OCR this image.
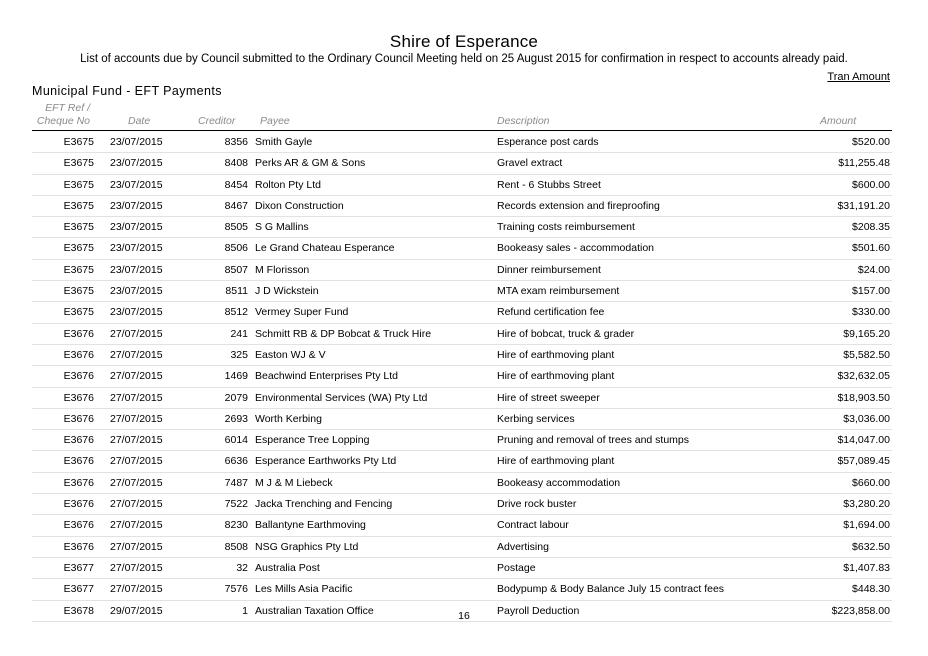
Shire of Esperance
List of accounts due by Council submitted to the Ordinary Council Meeting held on 25 August 2015 for confirmation in respect to accounts already paid.
Tran Amount
Municipal Fund - EFT Payments
EFT Ref /
Cheque No	Date	Creditor Payee	Description	Amount
E3675 23/07/2015	8356 Smith Gayle	Esperance post cards	$520.00
E3675 23/07/2015	8408 Perks AR & GM & Sons	Gravel extract	$11,255.48
E3675 23/07/2015	8454 Rolton Pty Ltd	Rent - 6 Stubbs Street	$600.00
E3675 23/07/2015	8467 Dixon Construction	Records extension and fireproofing	$31,191.20
E3675 23/07/2015	8505 S G Mallins	Training costs reimbursement	$208.35
E3675 23/07/2015	8506 Le Grand Chateau Esperance	Bookeasy sales - accommodation	$501.60
E3675 23/07/2015	8507 M Florisson	Dinner reimbursement	$24.00
E3675 23/07/2015	8511 J D Wickstein	MTA exam reimbursement	$157.00
E3675 23/07/2015	8512 Vermey Super Fund	Refund certification fee	$330.00
E3676 27/07/2015	241 Schmitt RB & DP Bobcat & Truck Hire	Hire of bobcat, truck & grader	$9,165.20
E3676 27/07/2015	325 Easton WJ & V	Hire of earthmoving plant	$5,582.50
E3676 27/07/2015	1469 Beachwind Enterprises Pty Ltd	Hire of earthmoving plant	$32,632.05
E3676 27/07/2015	2079 Environmental Services (WA) Pty Ltd	Hire of street sweeper	$18,903.50
E3676 27/07/2015	2693 Worth Kerbing	Kerbing services	$3,036.00
E3676 27/07/2015	6014 Esperance Tree Lopping	Pruning and removal of trees and stumps	$14,047.00
E3676 27/07/2015	6636 Esperance Earthworks Pty Ltd	Hire of earthmoving plant	$57,089.45
E3676 27/07/2015	7487 M J & M Liebeck	Bookeasy accommodation	$660.00
E3676 27/07/2015	7522 Jacka Trenching and Fencing	Drive rock buster	$3,280.20
E3676 27/07/2015	8230 Ballantyne Earthmoving	Contract labour	$1,694.00
E3676 27/07/2015	8508 NSG Graphics Pty Ltd	Advertising	$632.50
E3677 27/07/2015	32 Australia Post	Postage	$1,407.83
E3677 27/07/2015	7576 Les Mills Asia Pacific	Bodypump & Body Balance July 15 contract fees	$448.30
E3678 29/07/2015	1 Australian Taxation Office	Payroll Deduction	$223,858.00
16
